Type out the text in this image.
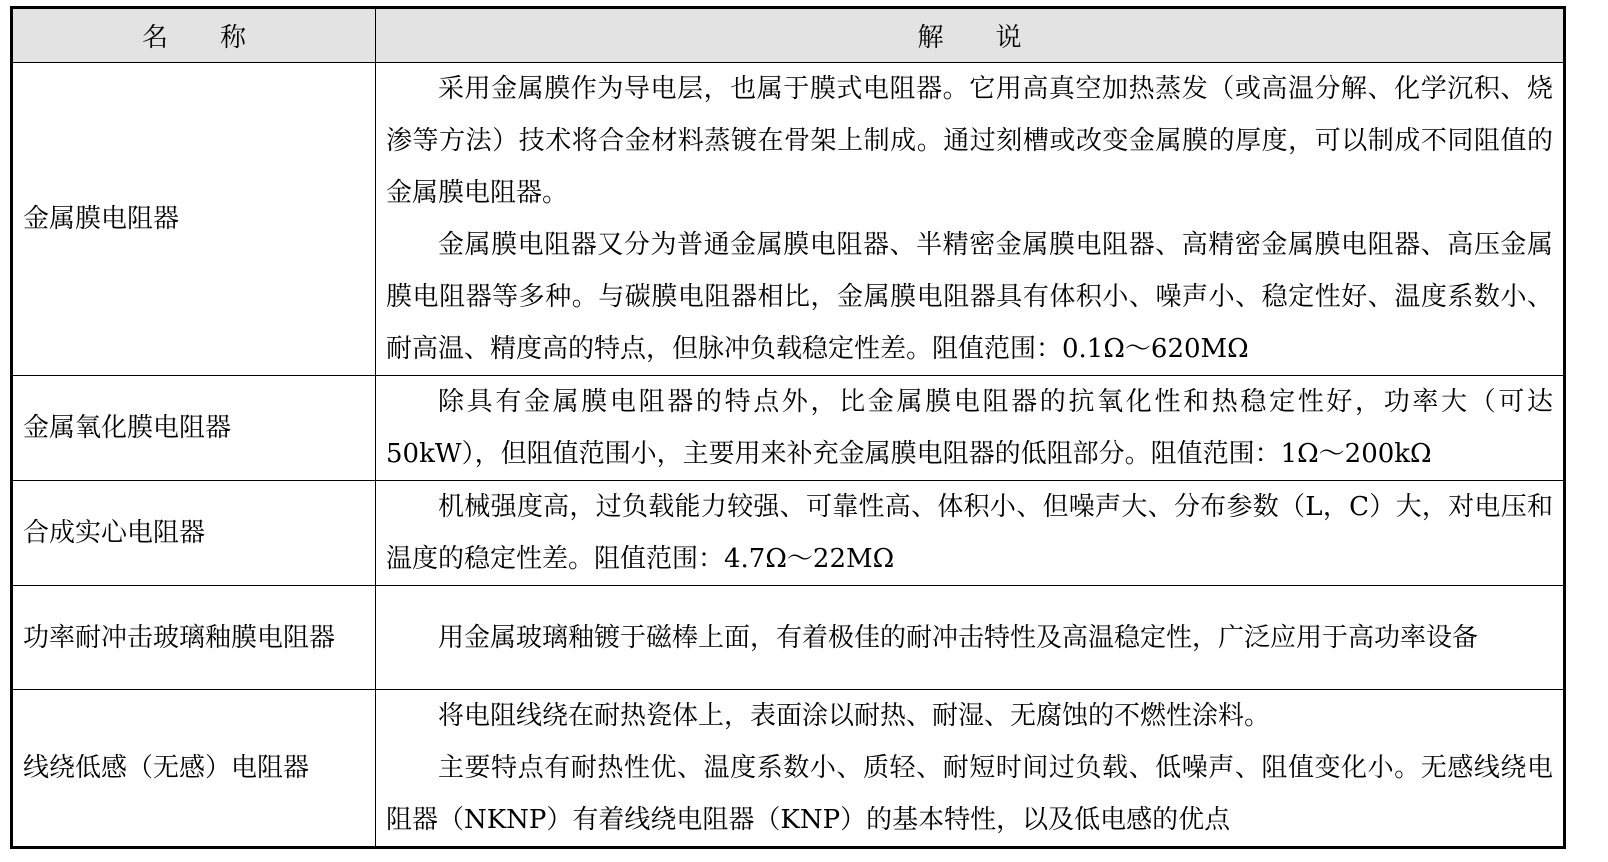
名　　称	解　　说
金属膜电阻器	采用金属膜作为导电层，也属于膜式电阻器。它用高真空加热蒸发（或高温分解、化学沉积、烧渗等方法）技术将合金材料蒸镀在骨架上制成。通过刻槽或改变金属膜的厚度，可以制成不同阻值的金属膜电阻器。

金属膜电阻器又分为普通金属膜电阻器、半精密金属膜电阻器、高精密金属膜电阻器、高压金属膜电阻器等多种。与碳膜电阻器相比，金属膜电阻器具有体积小、噪声小、稳定性好、温度系数小、耐高温、精度高的特点，但脉冲负载稳定性差。阻值范围：0.1Ω～620MΩ

金属氧化膜电阻器	除具有金属膜电阻器的特点外，比金属膜电阻器的抗氧化性和热稳定性好，功率大（可达50kW），但阻值范围小，主要用来补充金属膜电阻器的低阻部分。阻值范围：1Ω～200kΩ

合成实心电阻器	机械强度高，过负载能力较强、可靠性高、体积小、但噪声大、分布参数（L，C）大，对电压和温度的稳定性差。阻值范围：4.7Ω～22MΩ

功率耐冲击玻璃釉膜电阻器	用金属玻璃釉镀于磁棒上面，有着极佳的耐冲击特性及高温稳定性，广泛应用于高功率设备

线绕低感（无感）电阻器	将电阻线绕在耐热瓷体上，表面涂以耐热、耐湿、无腐蚀的不燃性涂料。

主要特点有耐热性优、温度系数小、质轻、耐短时间过负载、低噪声、阻值变化小。无感线绕电阻器（NKNP）有着线绕电阻器（KNP）的基本特性，以及低电感的优点
